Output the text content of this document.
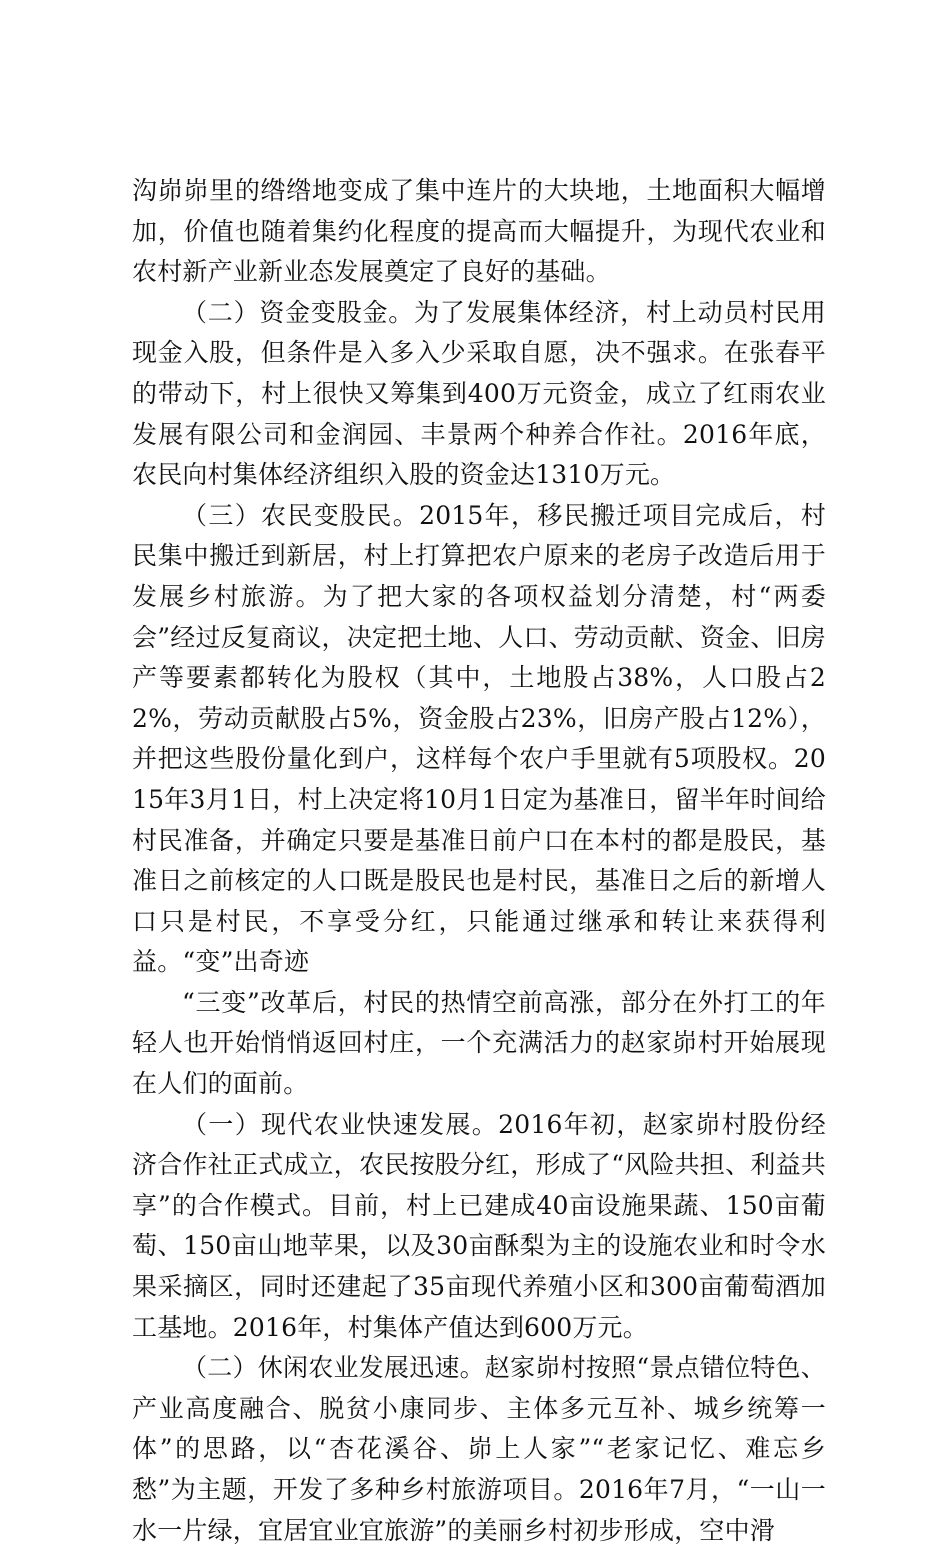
沟峁峁里的绺绺地变成了集中连片的大块地，土地面积大幅增加，价值也随着集约化程度的提高而大幅提升，为现代农业和农村新产业新业态发展奠定了良好的基础。

（二）资金变股金。为了发展集体经济，村上动员村民用现金入股，但条件是入多入少采取自愿，决不强求。在张春平的带动下，村上很快又筹集到400万元资金，成立了红雨农业发展有限公司和金润园、丰景两个种养合作社。2016年底，农民向村集体经济组织入股的资金达1310万元。

（三）农民变股民。2015年，移民搬迁项目完成后，村民集中搬迁到新居，村上打算把农户原来的老房子改造后用于发展乡村旅游。为了把大家的各项权益划分清楚，村“两委会”经过反复商议，决定把土地、人口、劳动贡献、资金、旧房产等要素都转化为股权（其中，土地股占38%，人口股占22%，劳动贡献股占5%，资金股占23%，旧房产股占12%），并把这些股份量化到户，这样每个农户手里就有5项股权。2015年3月1日，村上决定将10月1日定为基准日，留半年时间给村民准备，并确定只要是基准日前户口在本村的都是股民，基准日之前核定的人口既是股民也是村民，基准日之后的新增人口只是村民，不享受分红，只能通过继承和转让来获得利益。“变”出奇迹

“三变”改革后，村民的热情空前高涨，部分在外打工的年轻人也开始悄悄返回村庄，一个充满活力的赵家峁村开始展现在人们的面前。

（一）现代农业快速发展。2016年初，赵家峁村股份经济合作社正式成立，农民按股分红，形成了“风险共担、利益共享”的合作模式。目前，村上已建成40亩设施果蔬、150亩葡萄、150亩山地苹果，以及30亩酥梨为主的设施农业和时令水果采摘区，同时还建起了35亩现代养殖小区和300亩葡萄酒加工基地。2016年，村集体产值达到600万元。

（二）休闲农业发展迅速。赵家峁村按照“景点错位特色、产业高度融合、脱贫小康同步、主体多元互补、城乡统筹一体”的思路，以“杏花溪谷、峁上人家”“老家记忆、难忘乡愁”为主题，开发了多种乡村旅游项目。2016年7月，“一山一水一片绿，宜居宜业宜旅游”的美丽乡村初步形成，空中滑
